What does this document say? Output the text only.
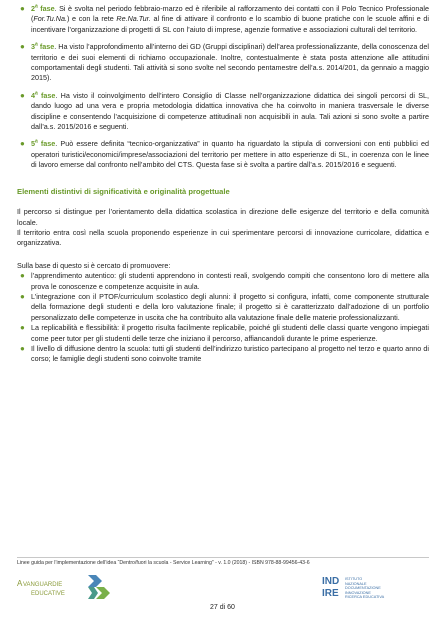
● 2$^a$ fase. Si è svolta nel periodo febbraio-marzo ed è riferibile al rafforzamento dei contatti con il Polo Tecnico Professionale (For.Tu.Na.) e con la rete Re.Na.Tur. al fine di attivare il confronto e lo scambio di buone pratiche con le scuole affini e di incentivare l’organizzazione di progetti di SL con l’aiuto di imprese, agenzie formative e associazioni culturali del territorio.
● 3$^a$ fase. Ha visto l’approfondimento all’interno dei GD (Gruppi disciplinari) dell’area professionalizzante, della conoscenza del territorio e dei suoi elementi di richiamo occupazionale. Inoltre, contestualmente è stata posta attenzione alle attitudini comportamentali degli studenti. Tali attività si sono svolte nel secondo pentamestre dell’a.s. 2014/201, da gennaio a maggio 2015).
● 4$^a$ fase. Ha visto il coinvolgimento dell’intero Consiglio di Classe nell’organizzazione didattica dei singoli percorsi di SL, dando luogo ad una vera e propria metodologia didattica innovativa che ha coinvolto in maniera trasversale le diverse discipline e consentendo l’acquisizione di competenze attitudinali non acquisibili in aula. Tali azioni si sono svolte a partire dall’a.s. 2015/2016 e seguenti.
● 5$^a$ fase. Può essere definita “tecnico-organizzativa” in quanto ha riguardato la stipula di conversioni con enti pubblici ed operatori turistici/economici/imprese/associazioni del territorio per mettere in atto esperienze di SL, in coerenza con le linee di lavoro emerse dal confronto nell’ambito del CTS. Questa fase si è svolta a partire dall’a.s. 2015/2016 e seguenti.
Elementi distintivi di significatività e originalità progettuale
Il percorso si distingue per l’orientamento della didattica scolastica in direzione delle esigenze del territorio e della comunità locale.
Il territorio entra così nella scuola proponendo esperienze in cui sperimentare percorsi di innovazione curricolare, didattica e organizzativa.
Sulla base di questo si è cercato di promuovere:
● l’apprendimento autentico: gli studenti apprendono in contesti reali, svolgendo compiti che consentono loro di mettere alla prova le conoscenze e competenze acquisite in aula.
● L’integrazione con il PTOF/curriculum scolastico degli alunni: il progetto si configura, infatti, come componente strutturale della formazione degli studenti e della loro valutazione finale; il progetto si è caratterizzato dall’adozione di un portfolio personalizzato delle competenze in uscita che ha contribuito alla valutazione finale delle materie professionalizzanti.
● La replicabilità e flessibilità: il progetto risulta facilmente replicabile, poiché gli studenti delle classi quarte vengono impiegati come peer tutor per gli studenti delle terze che iniziano il percorso, affiancandoli durante le prime esperienze.
● Il livello di diffusione dentro la scuola: tutti gli studenti dell’indirizzo turistico partecipano al progetto nel terzo e quarto anno di corso; le famiglie degli studenti sono coinvolte tramite
Linee guida per l’implementazione dell’idea “Dentro/fuori la scuola - Service Learning” - v. 1.0 (2018) - ISBN 978-88-99456-43-6
A VANGUARDIE
EDUCATIVE
IND
IRE
ISTITUTO
NAZIONALE
DOCUMENTAZIONE
INNOVAZIONE
RICERCA EDUCATIVA
27 di 60
